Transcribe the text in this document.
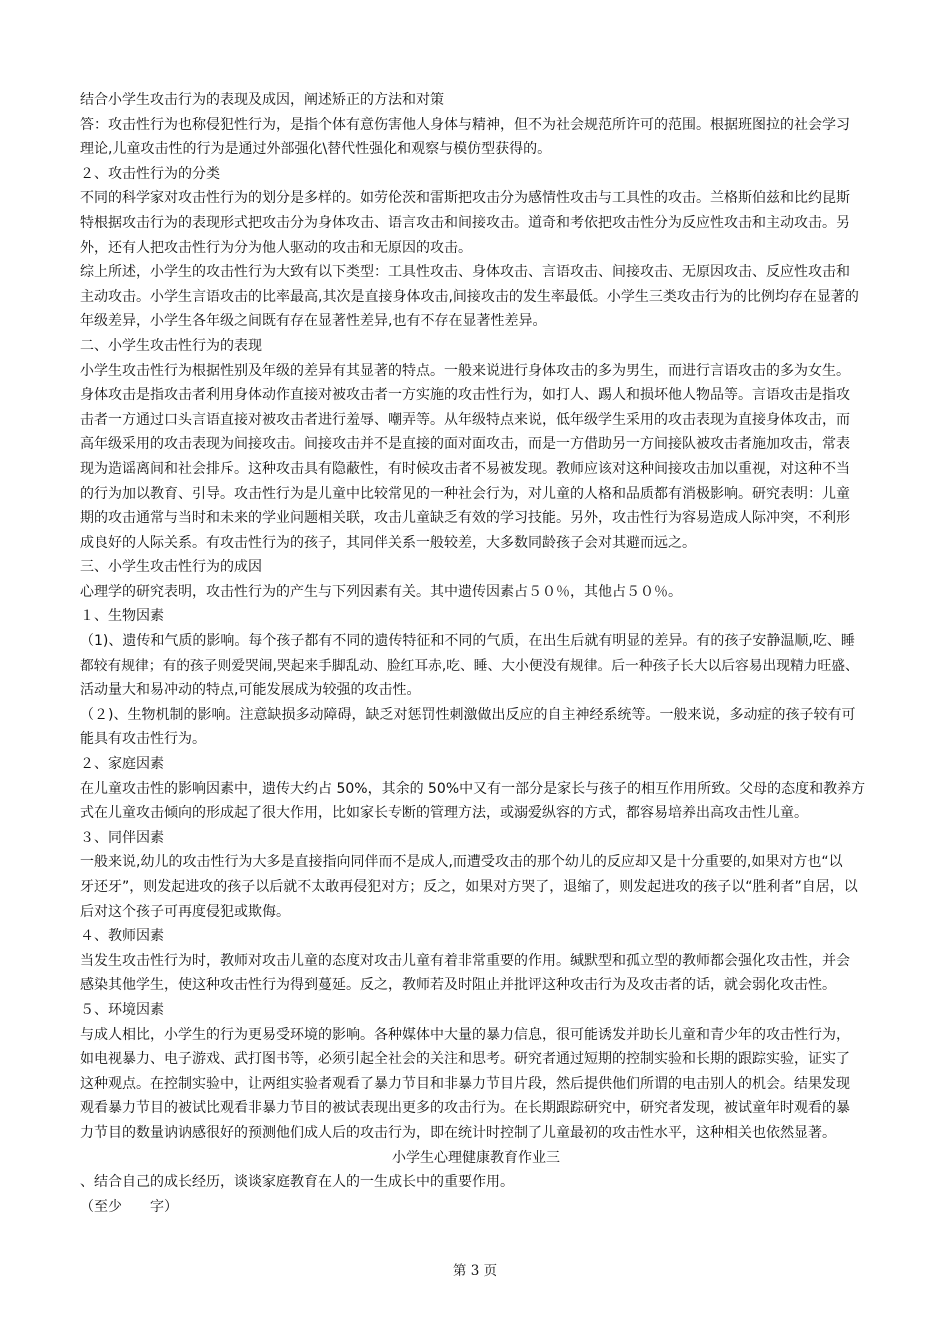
结合小学生攻击行为的表现及成因，阐述矫正的方法和对策
答：攻击性行为也称侵犯性行为，是指个体有意伤害他人身体与精神，但不为社会规范所许可的范围。根据班图拉的社会学习
理论,儿童攻击性的行为是通过外部强化\替代性强化和观察与模仿型获得的。
２、攻击性行为的分类
不同的科学家对攻击性行为的划分是多样的。如劳伦茨和雷斯把攻击分为感情性攻击与工具性的攻击。兰格斯伯兹和比约昆斯
特根据攻击行为的表现形式把攻击分为身体攻击、语言攻击和间接攻击。道奇和考依把攻击性分为反应性攻击和主动攻击。另
外，还有人把攻击性行为分为他人驱动的攻击和无原因的攻击。
综上所述，小学生的攻击性行为大致有以下类型：工具性攻击、身体攻击、言语攻击、间接攻击、无原因攻击、反应性攻击和
主动攻击。小学生言语攻击的比率最高,其次是直接身体攻击,间接攻击的发生率最低。小学生三类攻击行为的比例均存在显著的
年级差异，小学生各年级之间既有存在显著性差异,也有不存在显著性差异。
二、小学生攻击性行为的表现
小学生攻击性行为根据性别及年级的差异有其显著的特点。一般来说进行身体攻击的多为男生，而进行言语攻击的多为女生。
身体攻击是指攻击者利用身体动作直接对被攻击者一方实施的攻击性行为，如打人、踢人和损坏他人物品等。言语攻击是指攻
击者一方通过口头言语直接对被攻击者进行羞辱、嘲弄等。从年级特点来说，低年级学生采用的攻击表现为直接身体攻击，而
高年级采用的攻击表现为间接攻击。间接攻击并不是直接的面对面攻击，而是一方借助另一方间接队被攻击者施加攻击，常表
现为造谣离间和社会排斥。这种攻击具有隐蔽性，有时候攻击者不易被发现。教师应该对这种间接攻击加以重视，对这种不当
的行为加以教育、引导。攻击性行为是儿童中比较常见的一种社会行为，对儿童的人格和品质都有消极影响。研究表明：儿童
期的攻击通常与当时和未来的学业问题相关联，攻击儿童缺乏有效的学习技能。另外，攻击性行为容易造成人际冲突，不利形
成良好的人际关系。有攻击性行为的孩子，其同伴关系一般较差，大多数同龄孩子会对其避而远之。
三、小学生攻击性行为的成因
心理学的研究表明，攻击性行为的产生与下列因素有关。其中遗传因素占５０％，其他占５０％。
１、生物因素
（1)、遗传和气质的影响。每个孩子都有不同的遗传特征和不同的气质，在出生后就有明显的差异。有的孩子安静温顺,吃、睡
都较有规律；有的孩子则爱哭闹,哭起来手脚乱动、脸红耳赤,吃、睡、大小便没有规律。后一种孩子长大以后容易出现精力旺盛、
活动量大和易冲动的特点,可能发展成为较强的攻击性。
（２)、生物机制的影响。注意缺损多动障碍，缺乏对惩罚性刺激做出反应的自主神经系统等。一般来说，多动症的孩子较有可
能具有攻击性行为。
２、家庭因素
在儿童攻击性的影响因素中，遗传大约占 50%，其余的 50%中又有一部分是家长与孩子的相互作用所致。父母的态度和教养方
式在儿童攻击倾向的形成起了很大作用，比如家长专断的管理方法，或溺爱纵容的方式，都容易培养出高攻击性儿童。
３、同伴因素
一般来说,幼儿的攻击性行为大多是直接指向同伴而不是成人,而遭受攻击的那个幼儿的反应却又是十分重要的,如果对方也“以
牙还牙”，则发起进攻的孩子以后就不太敢再侵犯对方；反之，如果对方哭了，退缩了，则发起进攻的孩子以“胜利者”自居，以
后对这个孩子可再度侵犯或欺侮。
４、教师因素
当发生攻击性行为时，教师对攻击儿童的态度对攻击儿童有着非常重要的作用。缄默型和孤立型的教师都会强化攻击性，并会
感染其他学生，使这种攻击性行为得到蔓延。反之，教师若及时阻止并批评这种攻击行为及攻击者的话，就会弱化攻击性。
５、环境因素
与成人相比，小学生的行为更易受环境的影响。各种媒体中大量的暴力信息，很可能诱发并助长儿童和青少年的攻击性行为，
如电视暴力、电子游戏、武打图书等，必须引起全社会的关注和思考。研究者通过短期的控制实验和长期的跟踪实验，证实了
这种观点。在控制实验中，让两组实验者观看了暴力节目和非暴力节目片段，然后提供他们所谓的电击别人的机会。结果发现
观看暴力节目的被试比观看非暴力节目的被试表现出更多的攻击行为。在长期跟踪研究中，研究者发现，被试童年时观看的暴
力节目的数量讷讷感很好的预测他们成人后的攻击行为，即在统计时控制了儿童最初的攻击性水平，这种相关也依然显著。
小学生心理健康教育作业三
、结合自己的成长经历，谈谈家庭教育在人的一生成长中的重要作用。
（至少　　字）
第 3 页
